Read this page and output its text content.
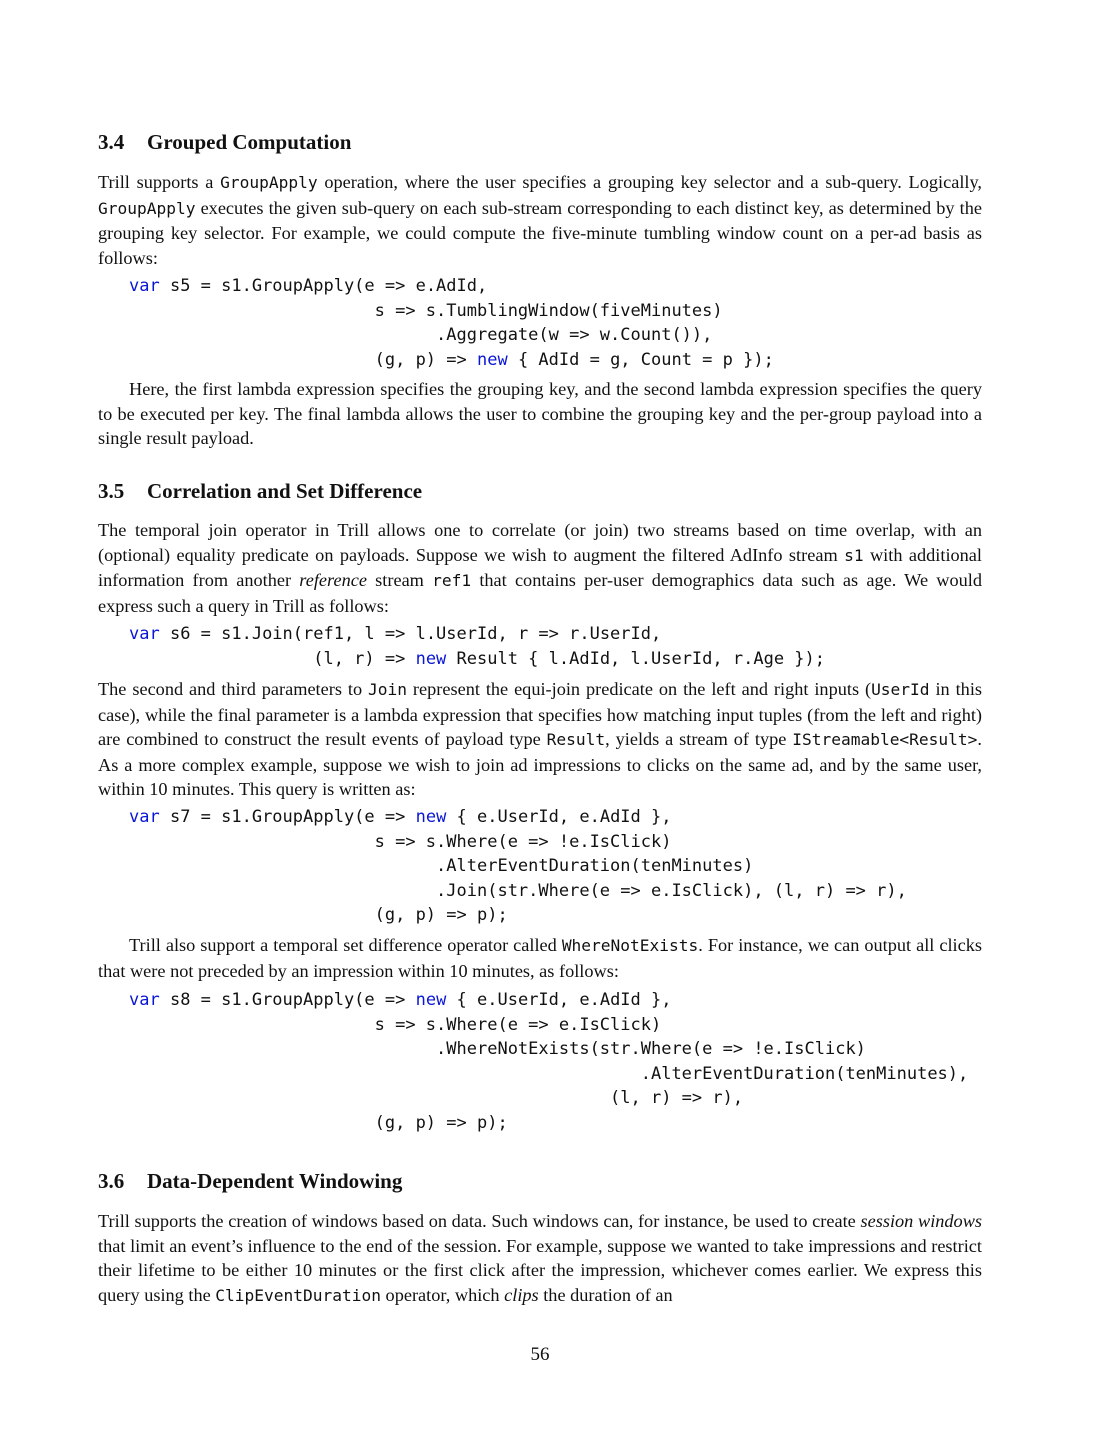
3.4 Grouped Computation
Trill supports a GroupApply operation, where the user specifies a grouping key selector and a sub-query. Logically, GroupApply executes the given sub-query on each sub-stream corresponding to each distinct key, as determined by the grouping key selector. For example, we could compute the five-minute tumbling window count on a per-ad basis as follows:
var s5 = s1.GroupApply(e => e.AdId,
s => s.TumblingWindow(fiveMinutes)
.Aggregate(w => w.Count()),
(g, p) => new { AdId = g, Count = p });
Here, the first lambda expression specifies the grouping key, and the second lambda expression specifies the query to be executed per key. The final lambda allows the user to combine the grouping key and the per-group payload into a single result payload.
3.5 Correlation and Set Difference
The temporal join operator in Trill allows one to correlate (or join) two streams based on time overlap, with an (optional) equality predicate on payloads. Suppose we wish to augment the filtered AdInfo stream s1 with additional information from another reference stream ref1 that contains per-user demographics data such as age. We would express such a query in Trill as follows:
var s6 = s1.Join(ref1, l => l.UserId, r => r.UserId,
(l, r) => new Result { l.AdId, l.UserId, r.Age });
The second and third parameters to Join represent the equi-join predicate on the left and right inputs (UserId in this case), while the final parameter is a lambda expression that specifies how matching input tuples (from the left and right) are combined to construct the result events of payload type Result, yields a stream of type IStreamable<Result>. As a more complex example, suppose we wish to join ad impressions to clicks on the same ad, and by the same user, within 10 minutes. This query is written as:
var s7 = s1.GroupApply(e => new { e.UserId, e.AdId },
s => s.Where(e => !e.IsClick)
.AlterEventDuration(tenMinutes)
.Join(str.Where(e => e.IsClick), (l, r) => r),
(g, p) => p);
Trill also support a temporal set difference operator called WhereNotExists. For instance, we can output all clicks that were not preceded by an impression within 10 minutes, as follows:
var s8 = s1.GroupApply(e => new { e.UserId, e.AdId },
s => s.Where(e => e.IsClick)
.WhereNotExists(str.Where(e => !e.IsClick)
.AlterEventDuration(tenMinutes),
(l, r) => r),
(g, p) => p);
3.6 Data-Dependent Windowing
Trill supports the creation of windows based on data. Such windows can, for instance, be used to create session windows that limit an event’s influence to the end of the session. For example, suppose we wanted to take impressions and restrict their lifetime to be either 10 minutes or the first click after the impression, whichever comes earlier. We express this query using the ClipEventDuration operator, which clips the duration of an
56
